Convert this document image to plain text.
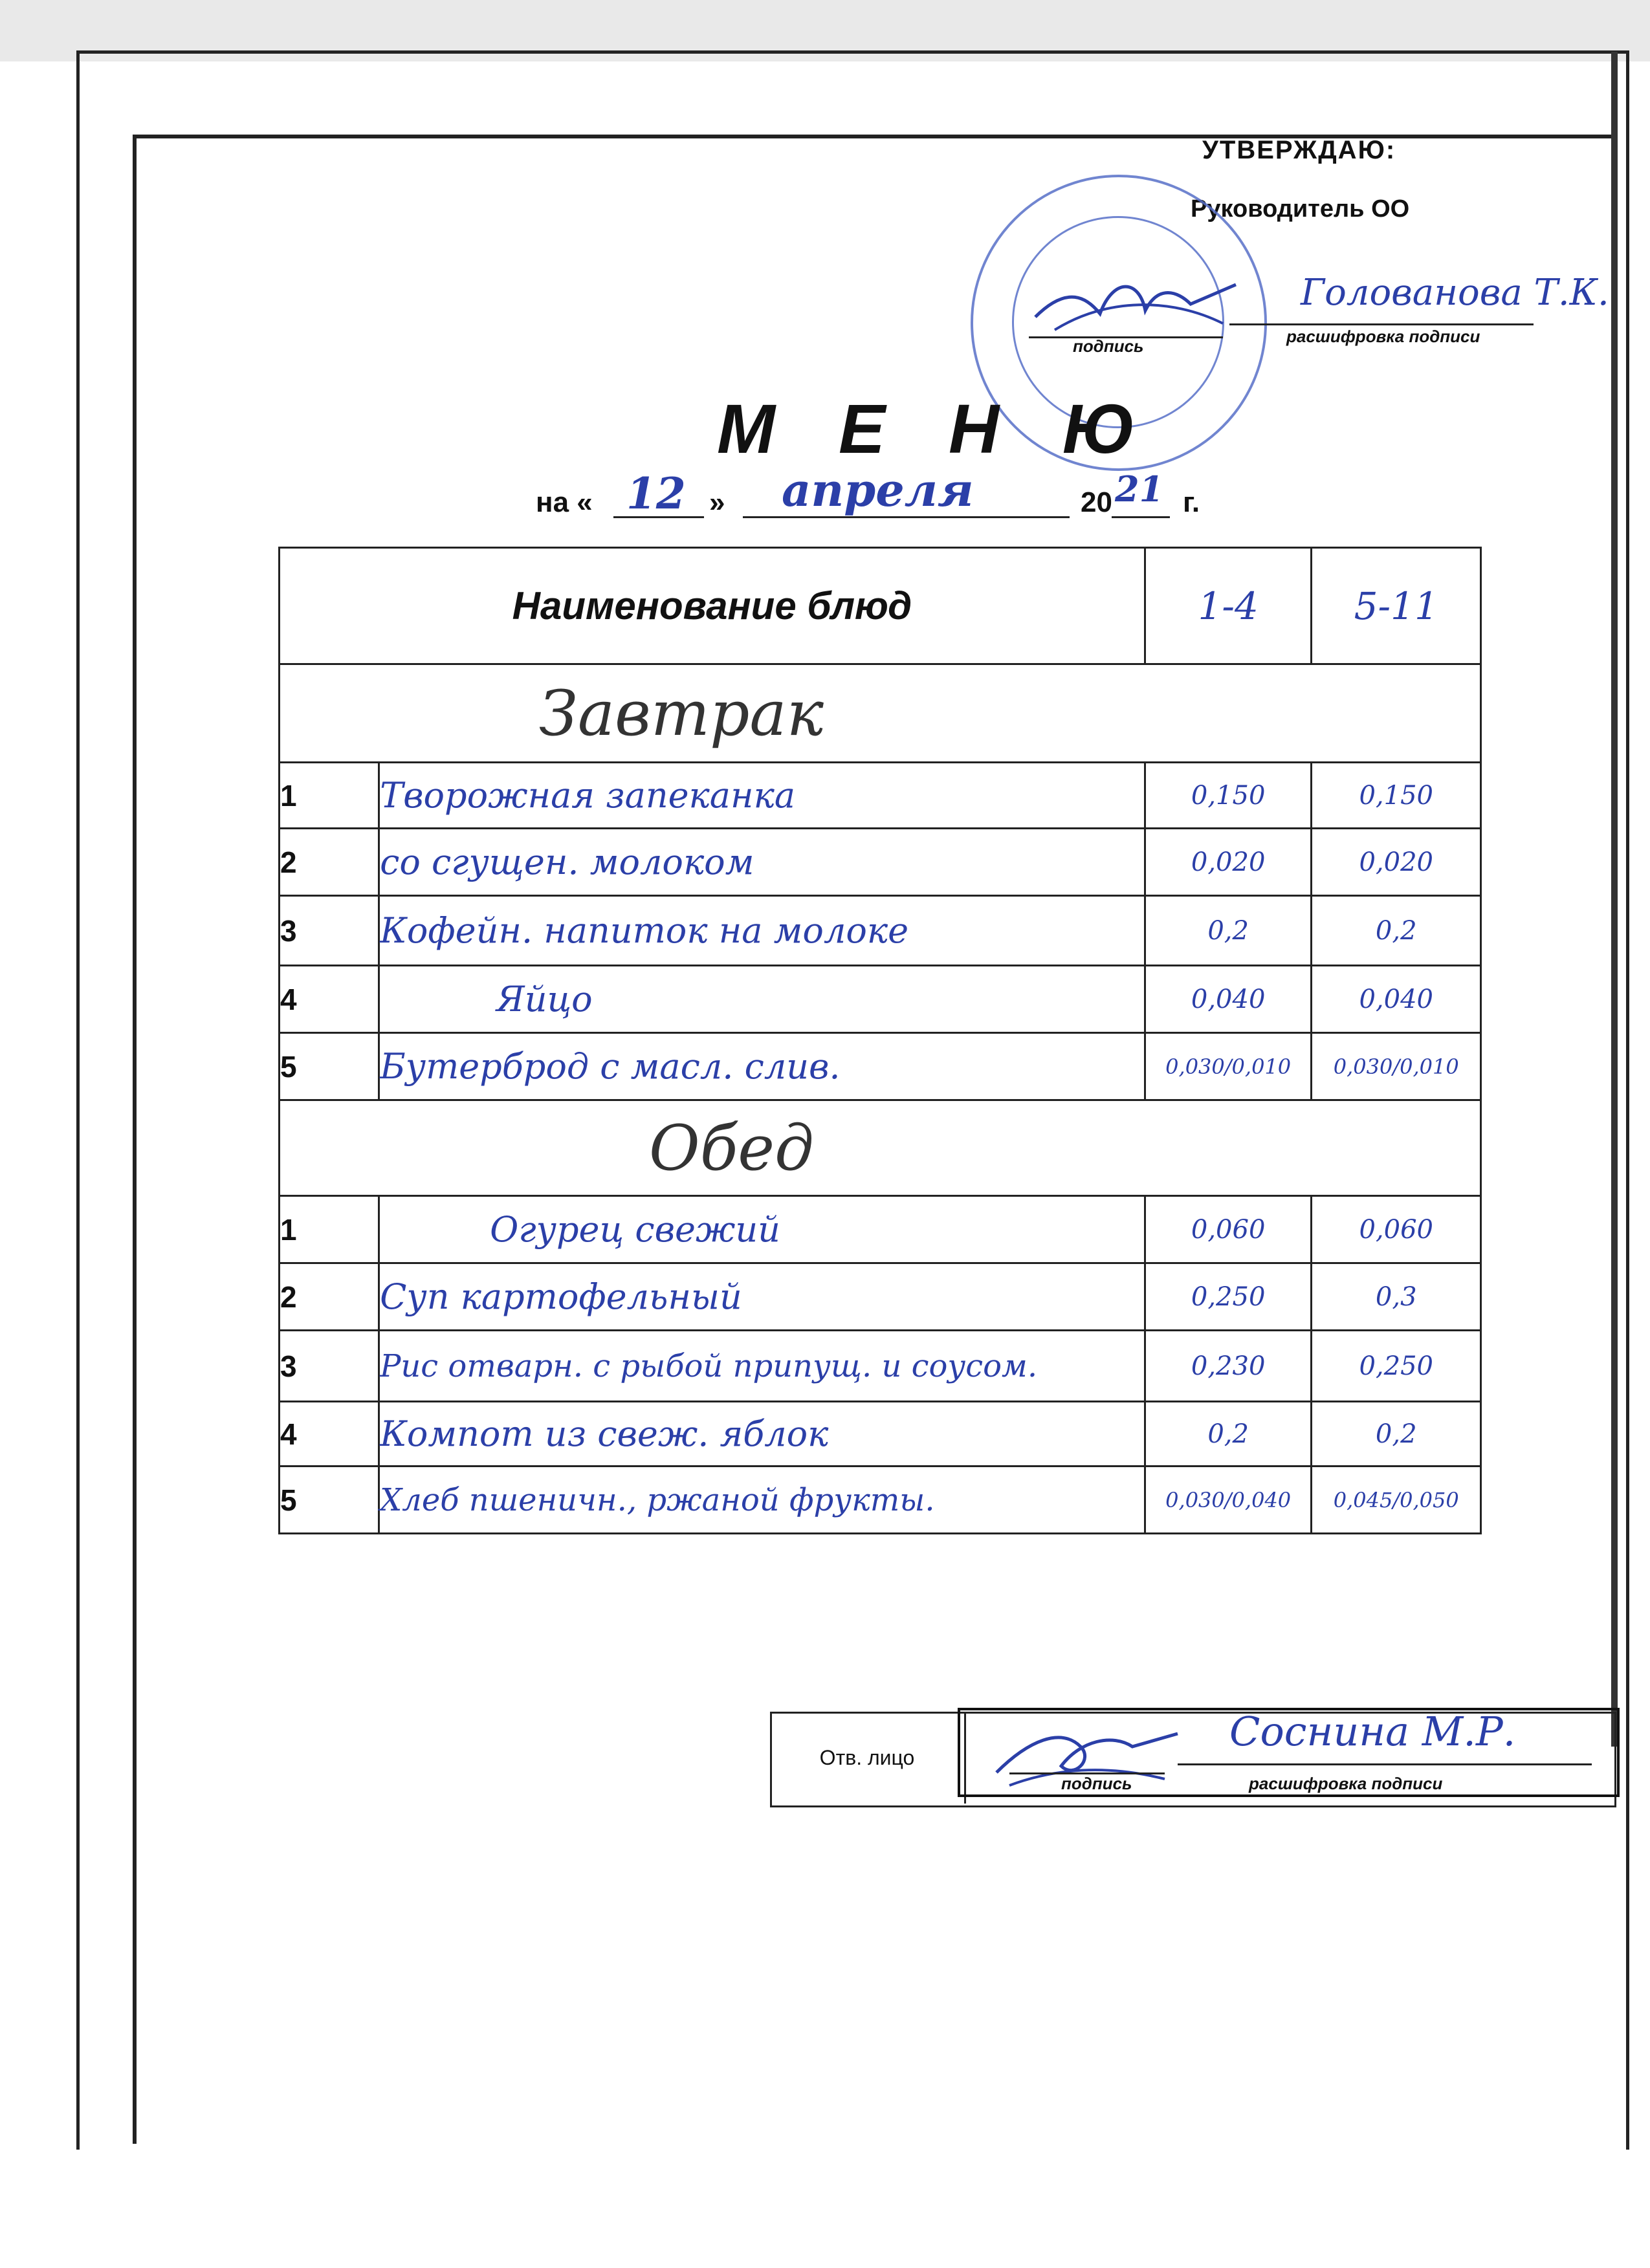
УТВЕРЖДАЮ:
Руководитель ОО
подпись
Голованова Т.К.
расшифровка подписи
М Е Н Ю
на « 12 » апреля	20 21 г.
Наименование блюд		1-4	5-11
Завтрак			
1	Творожная запеканка	0,150	0,150
2	со сгущен. молоком	0,020	0,020
3	Кофейн. напиток на молоке	0,2	0,2
4	Яйцо	0,040	0,040
5	Бутерброд с масл. слив.	0,030/0,010	0,030/0,010
Обед			
1	Огурец свежий	0,060	0,060
2	Суп картофельный	0,250	0,3
3	Рис отварн. с рыбой припущ. и соусом.	0,230	0,250
4	Компот из свеж. яблок	0,2	0,2
5	Хлеб пшеничн., ржаной фрукты.	0,030/0,040	0,045/0,050
Отв. лицо
подпись
Соснина М.Р.
расшифровка подписи
